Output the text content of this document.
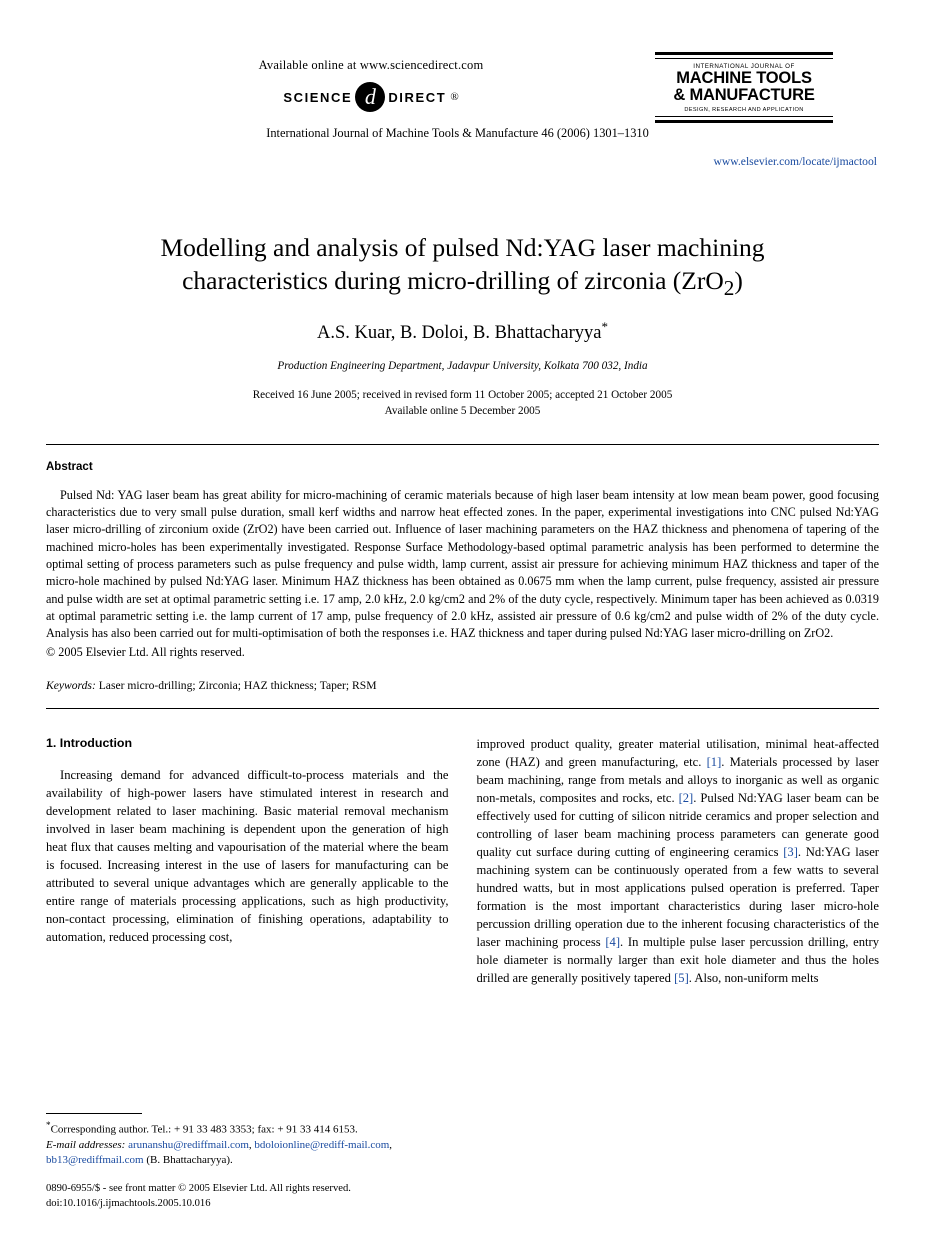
Available online at www.sciencedirect.com
SCIENCE d DIRECT ®
INTERNATIONAL JOURNAL OF
MACHINE TOOLS
& MANUFACTURE
DESIGN, RESEARCH AND APPLICATION
International Journal of Machine Tools & Manufacture 46 (2006) 1301–1310
www.elsevier.com/locate/ijmactool
Modelling and analysis of pulsed Nd:YAG laser machining
characteristics during micro-drilling of zirconia (ZrO$_2$)
A.S. Kuar, B. Doloi, B. Bhattacharyya*
Production Engineering Department, Jadavpur University, Kolkata 700 032, India
Received 16 June 2005; received in revised form 11 October 2005; accepted 21 October 2005
Available online 5 December 2005
Abstract
Pulsed Nd: YAG laser beam has great ability for micro-machining of ceramic materials because of high laser beam intensity at low mean beam power, good focusing characteristics due to very small pulse duration, small kerf widths and narrow heat effected zones. In the paper, experimental investigations into CNC pulsed Nd:YAG laser micro-drilling of zirconium oxide (ZrO2) have been carried out. Influence of laser machining parameters on the HAZ thickness and phenomena of tapering of the machined micro-holes has been experimentally investigated. Response Surface Methodology-based optimal parametric analysis has been performed to determine the optimal setting of process parameters such as pulse frequency and pulse width, lamp current, assist air pressure for achieving minimum HAZ thickness and taper of the micro-hole machined by pulsed Nd:YAG laser. Minimum HAZ thickness has been obtained as 0.0675 mm when the lamp current, pulse frequency, assisted air pressure and pulse width are set at optimal parametric setting i.e. 17 amp, 2.0 kHz, 2.0 kg/cm2 and 2% of the duty cycle, respectively. Minimum taper has been achieved as 0.0319 at optimal parametric setting i.e. the lamp current of 17 amp, pulse frequency of 2.0 kHz, assisted air pressure of 0.6 kg/cm2 and pulse width of 2% of the duty cycle. Analysis has also been carried out for multi-optimisation of both the responses i.e. HAZ thickness and taper during pulsed Nd:YAG laser micro-drilling on ZrO2.
© 2005 Elsevier Ltd. All rights reserved.
Keywords: Laser micro-drilling; Zirconia; HAZ thickness; Taper; RSM
1. Introduction
Increasing demand for advanced difficult-to-process materials and the availability of high-power lasers have stimulated interest in research and development related to laser machining. Basic material removal mechanism involved in laser beam machining is dependent upon the generation of high heat flux that causes melting and vapourisation of the material where the beam is focused. Increasing interest in the use of lasers for manufacturing can be attributed to several unique advantages which are generally applicable to the entire range of materials processing applications, such as high productivity, non-contact processing, elimination of finishing operations, adaptability to automation, reduced processing cost,
improved product quality, greater material utilisation, minimal heat-affected zone (HAZ) and green manufacturing, etc. [1]. Materials processed by laser beam machining, range from metals and alloys to inorganic as well as organic non-metals, composites and rocks, etc. [2]. Pulsed Nd:YAG laser beam can be effectively used for cutting of silicon nitride ceramics and proper selection and controlling of laser beam machining process parameters can generate good quality cut surface during cutting of engineering ceramics [3]. Nd:YAG laser machining system can be continuously operated from a few watts to several hundred watts, but in most applications pulsed operation is preferred. Taper formation is the most important characteristics during laser micro-hole percussion drilling operation due to the inherent focusing characteristics of the laser machining process [4]. In multiple pulse laser percussion drilling, entry hole diameter is normally larger than exit hole diameter and thus the holes drilled are generally positively tapered [5]. Also, non-uniform melts
*Corresponding author. Tel.: + 91 33 483 3353; fax: + 91 33 414 6153.
E-mail addresses: arunanshu@rediffmail.com, bdoloionline@rediff-mail.com, bb13@rediffmail.com (B. Bhattacharyya).
0890-6955/$ - see front matter © 2005 Elsevier Ltd. All rights reserved.
doi:10.1016/j.ijmachtools.2005.10.016
